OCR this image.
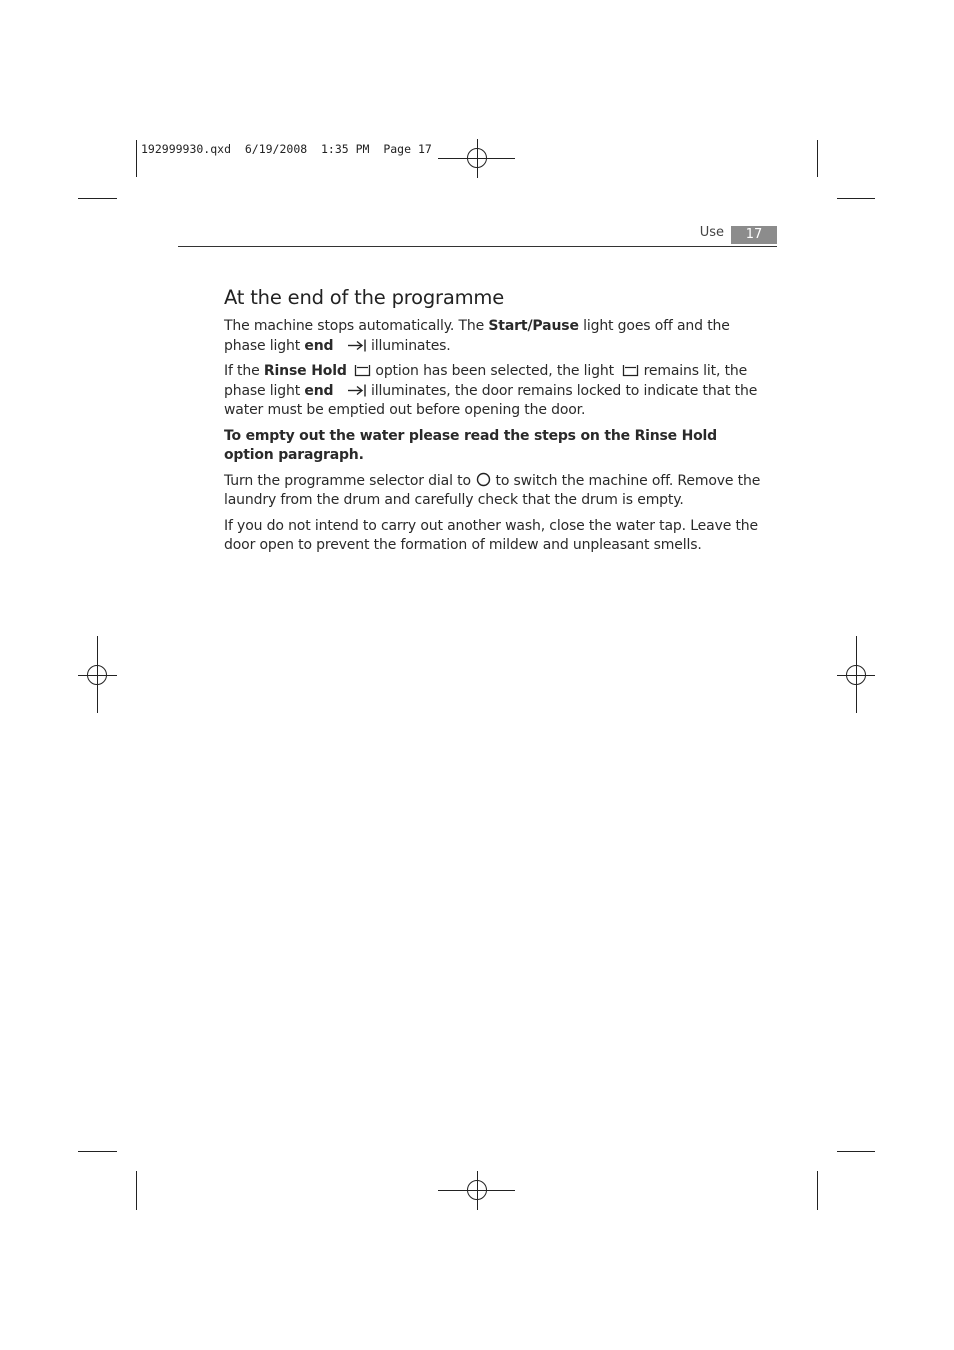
192999930.qxd  6/19/2008  1:35 PM  Page 17
Use	17
At the end of the programme

The machine stops automatically. The Start/Pause light goes off and the phase light end  illuminates.

If the Rinse Hold  option has been selected, the light  remains lit, the phase light end  illuminates, the door remains locked to indicate that the water must be emptied out before opening the door.

To empty out the water please read the steps on the Rinse Hold option paragraph.

Turn the programme selector dial to  to switch the machine off. Remove the laundry from the drum and carefully check that the drum is empty.

If you do not intend to carry out another wash, close the water tap. Leave the door open to prevent the formation of mildew and unpleasant smells.
